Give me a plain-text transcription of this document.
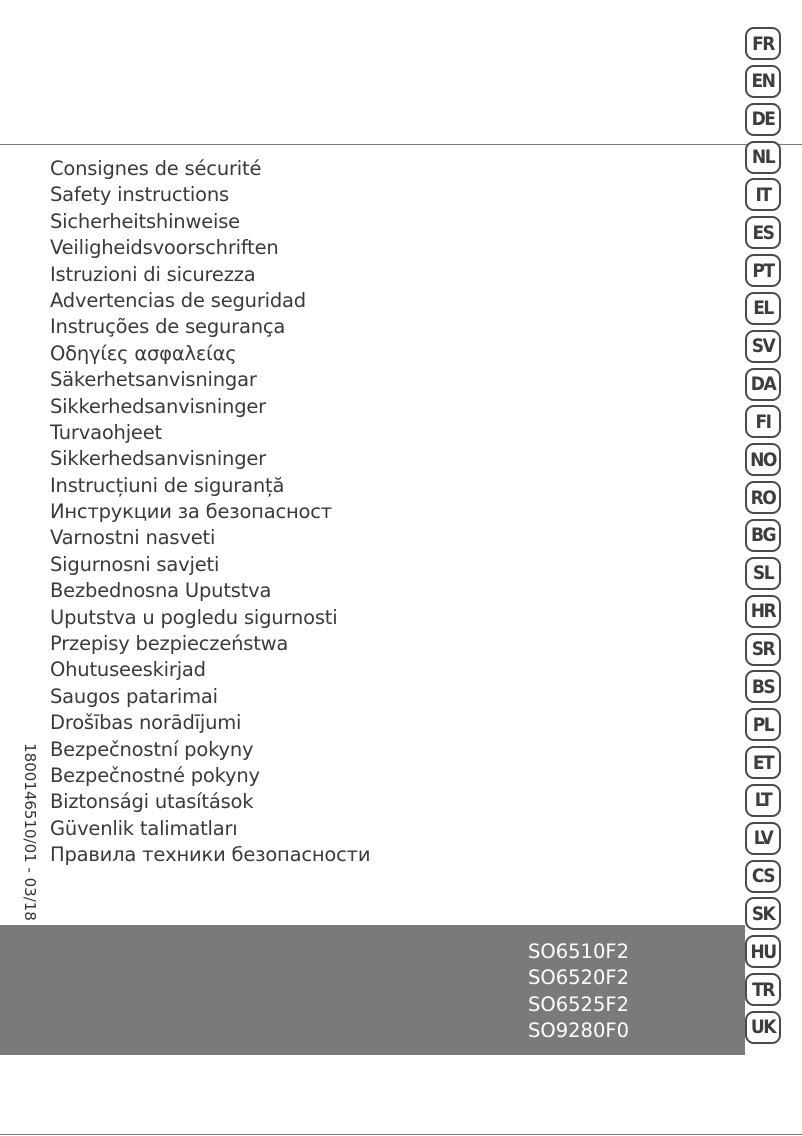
Consignes de sécurité
Safety instructions
Sicherheitshinweise
Veiligheidsvoorschriften
Istruzioni di sicurezza
Advertencias de seguridad
Instruções de segurança
Οδηγίες ασφαλείας
Säkerhetsanvisningar
Sikkerhedsanvisninger
Turvaohjeet
Sikkerhedsanvisninger
Instrucțiuni de siguranță
Инструкции за безопасност
Varnostni nasveti
Sigurnosni savjeti
Bezbednosna Uputstva
Uputstva u pogledu sigurnosti
Przepisy bezpieczeństwa
Ohutuseeskirjad
Saugos patarimai
Drošības norādījumi
Bezpečnostní pokyny
Bezpečnostné pokyny
Biztonsági utasítások
Güvenlik talimatları
Правила техники безопасности
1800146510/01 - 03/18
SO6510F2
SO6520F2
SO6525F2
SO9280F0
FR
EN
DE
NL
IT
ES
PT
EL
SV
DA
FI
NO
RO
BG
SL
HR
SR
BS
PL
ET
LT
LV
CS
SK
HU
TR
UK
